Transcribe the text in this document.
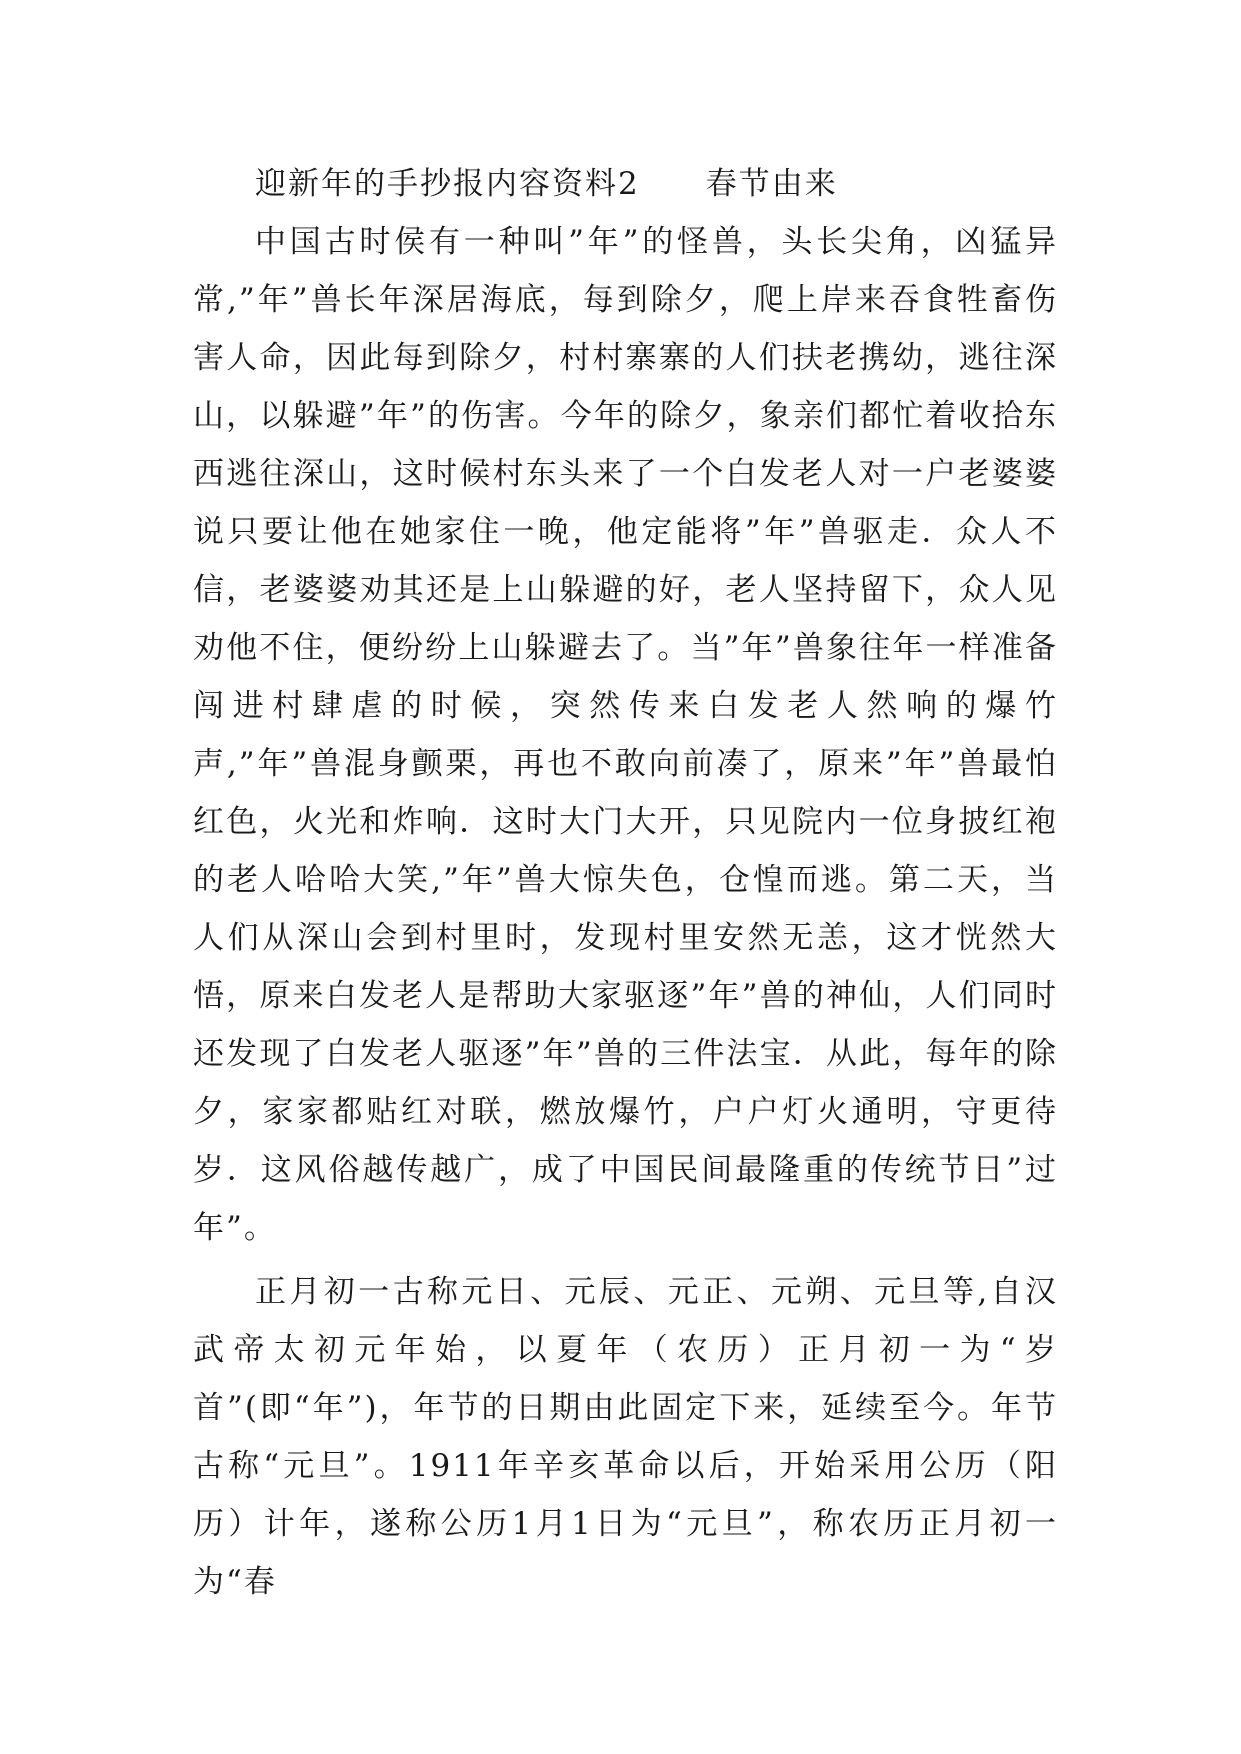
迎新年的手抄报内容资料2 春节由来

中国古时侯有一种叫”年”的怪兽，头长尖角，凶猛异常,”年”兽长年深居海底，每到除夕，爬上岸来吞食牲畜伤害人命，因此每到除夕，村村寨寨的人们扶老携幼，逃往深山，以躲避”年”的伤害。今年的除夕，象亲们都忙着收拾东西逃往深山，这时候村东头来了一个白发老人对一户老婆婆说只要让他在她家住一晚，他定能将”年”兽驱走．众人不信，老婆婆劝其还是上山躲避的好，老人坚持留下，众人见劝他不住，便纷纷上山躲避去了。当”年”兽象往年一样准备闯进村肆虐的时候，突然传来白发老人然响的爆竹声,”年”兽混身颤栗，再也不敢向前凑了，原来”年”兽最怕红色，火光和炸响．这时大门大开，只见院内一位身披红袍的老人哈哈大笑,”年”兽大惊失色，仓惶而逃。第二天，当人们从深山会到村里时，发现村里安然无恙，这才恍然大悟，原来白发老人是帮助大家驱逐”年”兽的神仙，人们同时还发现了白发老人驱逐”年”兽的三件法宝．从此，每年的除夕，家家都贴红对联，燃放爆竹，户户灯火通明，守更待岁．这风俗越传越广，成了中国民间最隆重的传统节日”过年”。

正月初一古称元日、元辰、元正、元朔、元旦等,自汉武帝太初元年始，以夏年（农历）正月初一为“岁首”(即“年”)，年节的日期由此固定下来，延续至今。年节古称“元旦”。1911年辛亥革命以后，开始采用公历（阳历）计年，遂称公历1月1日为“元旦”，称农历正月初一为“春
